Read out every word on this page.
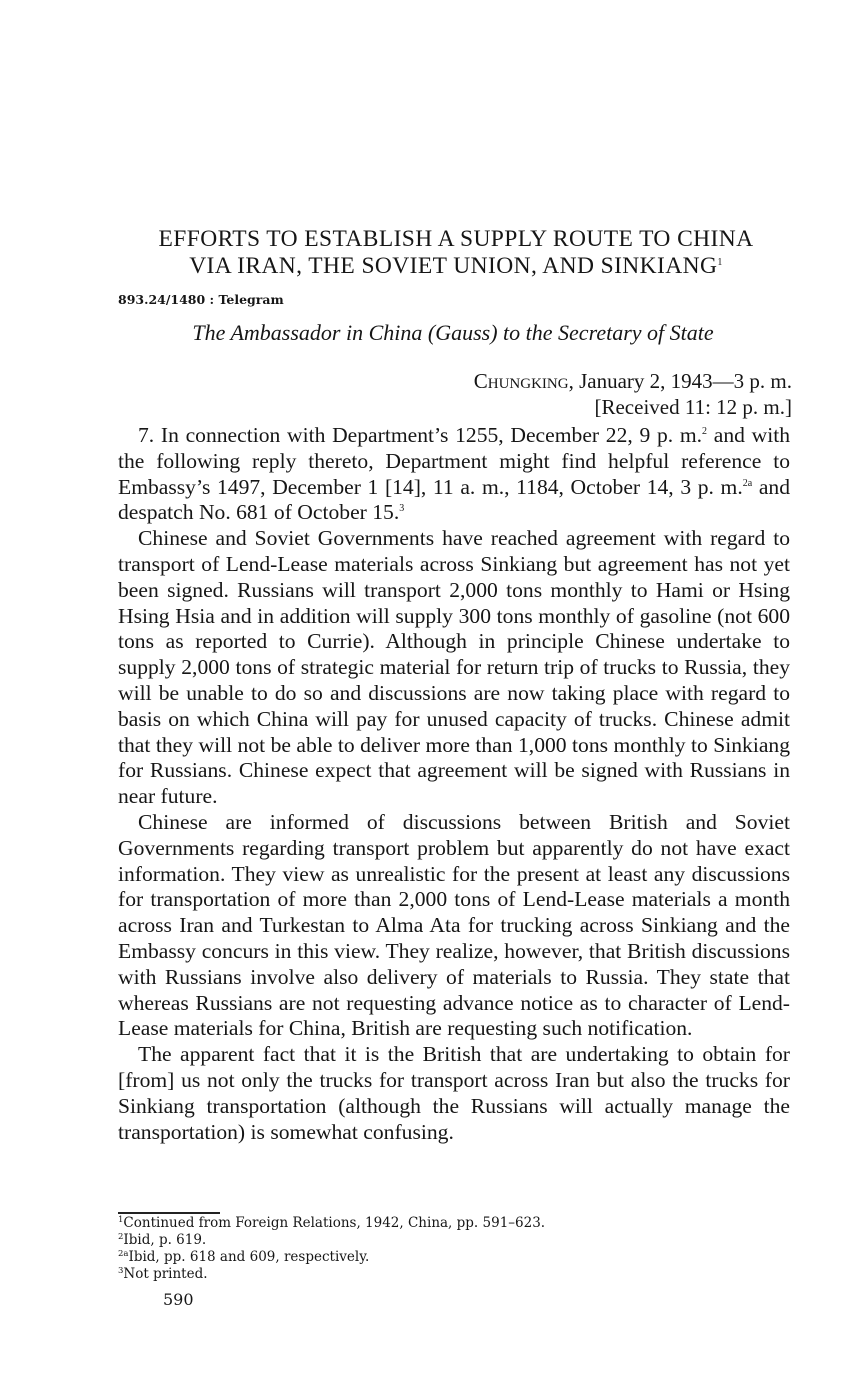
EFFORTS TO ESTABLISH A SUPPLY ROUTE TO CHINA
VIA IRAN, THE SOVIET UNION, AND SINKIANG$^1$
893.24/1480 : Telegram
The Ambassador in China (Gauss) to the Secretary of State
Chungking, January 2, 1943—3 p. m.
[Received 11: 12 p. m.]

7. In connection with Department’s 1255, December 22, 9 p. m.$^2$ and with the following reply thereto, Department might find helpful reference to Embassy’s 1497, December 1 [14], 11 a. m., 1184, October 14, 3 p. m.$^{2a}$ and despatch No. 681 of October 15.$^3$

Chinese and Soviet Governments have reached agreement with regard to transport of Lend-Lease materials across Sinkiang but agreement has not yet been signed. Russians will transport 2,000 tons monthly to Hami or Hsing Hsing Hsia and in addition will supply 300 tons monthly of gasoline (not 600 tons as reported to Currie). Although in principle Chinese undertake to supply 2,000 tons of strategic material for return trip of trucks to Russia, they will be unable to do so and discussions are now taking place with regard to basis on which China will pay for unused capacity of trucks. Chinese admit that they will not be able to deliver more than 1,000 tons monthly to Sinkiang for Russians. Chinese expect that agreement will be signed with Russians in near future.

Chinese are informed of discussions between British and Soviet Governments regarding transport problem but apparently do not have exact information. They view as unrealistic for the present at least any discussions for transportation of more than 2,000 tons of Lend-Lease materials a month across Iran and Turkestan to Alma Ata for trucking across Sinkiang and the Embassy concurs in this view. They realize, however, that British discussions with Russians involve also delivery of materials to Russia. They state that whereas Russians are not requesting advance notice as to character of Lend-Lease materials for China, British are requesting such notification.

The apparent fact that it is the British that are undertaking to obtain for [from] us not only the trucks for transport across Iran but also the trucks for Sinkiang transportation (although the Russians will actually manage the transportation) is somewhat confusing.

$^1$Continued from Foreign Relations, 1942, China, pp. 591–623.
$^2$Ibid, p. 619.
$^{2a}$Ibid, pp. 618 and 609, respectively.
$^3$Not printed.
590
